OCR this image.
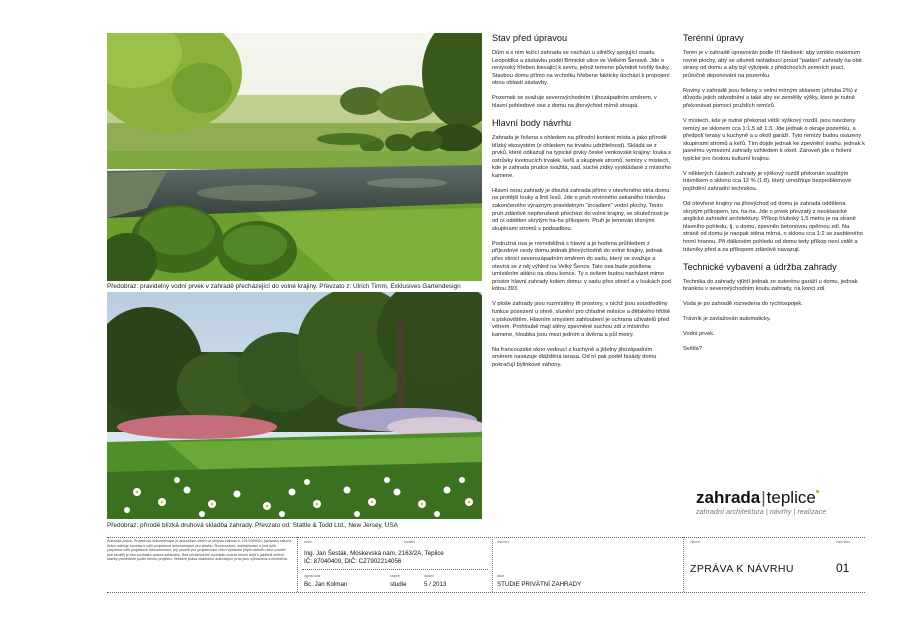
Předobraz: pravidelný vodní prvek v zahradě přecházející do volné krajiny. Převzato z: Ulrich Timm, Exklusives Gartendesign
Předobraz: přírodě blízká druhová skladba zahrady. Převzato od: Stattle & Todd Ltd., New Jersey, USA
Stav před úpravou

Dům a s ním ležící zahrada se nachází u silničky spojující osadu Leopoldka a zástavbu podél Brtnické ulice ve Velkém Šenově. Jde o nevysoký hřeben kiesajicí k sevru, jehož temeno původně tvořily louky. Stavbou domu přímo na vrcholku hřebene fakticky dochází k propojení obou oblastí zástavby.

Pozemek se svažuje severovýchodním i jihozápadním směrem, v hlavní pohledové ose z domu na jihovýchod mírně stoupá.

Hlavní body návrhu

Zahrada je řešena s ohledem na přírodní kontext místa a jako přírodě blízký ekosystém (s ohledem na trvalou udržitelnost). Skládá se z prvků, které odkazují na typické prvky české venkovské krajiny: louka s ostrůvky kvetoucích trvalek, keřů a skupinek stromů, remízy v místech, kde je zahrada prudce svažitá, sad, suché zídky vyskládané z místního kamene.

Hlavní osou zahrady je dlouhá zahrada přímo v otevřeného stria domu na protější louky a lintí lesů. Jde o pruh rovinného sekaného trávníku zakončeného výrazným pravidelným "zrcadlem" vodní plochy. Tento pruh zdánlivě nepřerušeně přechází do volné krajiny, ve skutečnosti je od ní oddělen skrytým ha-ha příkopem. Pruh je lemován těsnými skupinami stromů s podsadbou.

Podružná osa je rovnoběžná s hlavní a je tvořena průhledem z příjezdové cesty domu jednak jihovýchodně do volné krajiny, jednak přes stinicí severozápadním směrem do sadu, který se svažuje a otevírá se z něj výhled na Velký Šenov. Tato osa bude posílena umístěním altánu na obou konce. Ty s ovšem budou nacházet mimo prostor hlavní zahrady kolem domu: v sadu přes stinicí a v loukách pod kótou 393.

V ploše zahrady jsou rozmístěny tři prostory, v nichž jsou soustředěny funkce posezení u ohně, slunění pro chladné měsíce a dětského hřiště s pískovištěm. Hlavním smyslem zahloubení je ochrana uživatelů před větrem. Prohloubě mají stěny zpevněné suchou zdí z místního kamene, hloubka jsou mezi jedním a dvěma a půl metry.

Na francouzské okno vedoucí z kuchyně a jídelny jihozápadním směrem navazuje dlážděná terasa. Od ní pak podél fasády domu pokračují bylinkové záhony.

Terénní úpravy

Terén je v zahradě upravován podle tří hledisek: aby vzniklo maximum rovné plochy, aby se utlumili nežádoucí proud "padání" zahrady na obě strany od domu a aby byl výkopek z předchozích zemních prací, průtočně deponování na pozemku.

Roviny v zahradě jsou řešeny s velmi mírným sklonem (zhruba 2%) z důvodu jejich odvodnění a také aby se zemělily výšky, které je nutné překonávat pomocí pruždích remízů.

V místech, kde je nutné překonat větší výškový rozdíl, jsou navrženy remízy se sklonem cca 1:1,5 až 1:3. Jde jednak o okraje pozemku, a předpolí terasy u kuchyně a u okolí garáží. Tyto remízy budou osázeny skupinami stromů a keřů. Tím dojde jednak ke zpevnění svahu, jednak k jasnému vymezení zahrady vzhledem k okolí. Zároveň jde o řešení typické pro českou kulturní krajinu.

V některých částech zahrady je výškový rozdíl překonán svažitým trávníkem o sklonu cca 12 % (1:8), který umožňuje bezproblémové pojíždění zahradní technikou.

Od otevřené krajiny na jihovýchod od domu je zahrada oddělena skrytým příkopem, tzv. ha-ha. Jde o prvek převzatý z neoklasické anglické zahradní architektury. Příkop hluboký 1,5 metru je na straně hlavního pohledu, tj. u domu, zpevněn betonovou opěrnou zdí. Na straně od domu je naopak stěna mírná, o sklonu cca 1:2 se zasbleného horní hranou. Při dálkovém pohledu od domu tedy příkop není vidět a trávníky před a za příkopem zdánlivě navazují.

Technické vybavení a údržba zahrady

Technika do zahrady vjíždí jednak ze suterénu garáží u domu, jednak brankou v severovýchodním koutu zahrady, na konci zdi.

Voda je po zahradě rozvedena do rychlospojek.

Trávník je zavlažován automaticky.

Vodní prvek.

Světla?

zahrada|teplice
zahradní architektura | návrhy | realizace
Autorská práva: Projektová dokumentace je autorským dílem ve smyslu zákona č. 121/2000Sb. (autorský zákon). Autor uděluje souhlas k užití projektové dokumentace pro stavbu. Rozmnožení, zveřejňování a jiná užití (zejména užití projektové dokumentace, její použití pro projektování nebo výstavbu jiných staveb nebo použití jiné osobě) je bez souhlasu autora zakázáno. Bez předchozího souhlasu autora nesmí dojít k jakékoli změně stavby provedené podle tohoto projektu. Veškeré práva vlastnictví autorských práv jsou vyhrazena a chráněna.
autor	kontakt
Ing. Jan Šesták, Moskevská nám. 2163/2A, Teplice
IČ: 87040409, DIČ: CZ7902214056
vypracoval	stupeň	datum
Bc. Jan Kolman	studie	5 / 2013
investor
akce
STUDIE PRIVÁTNÍ ZAHRADY
výkres	číslo listu
ZPRÁVA K NÁVRHU	01
